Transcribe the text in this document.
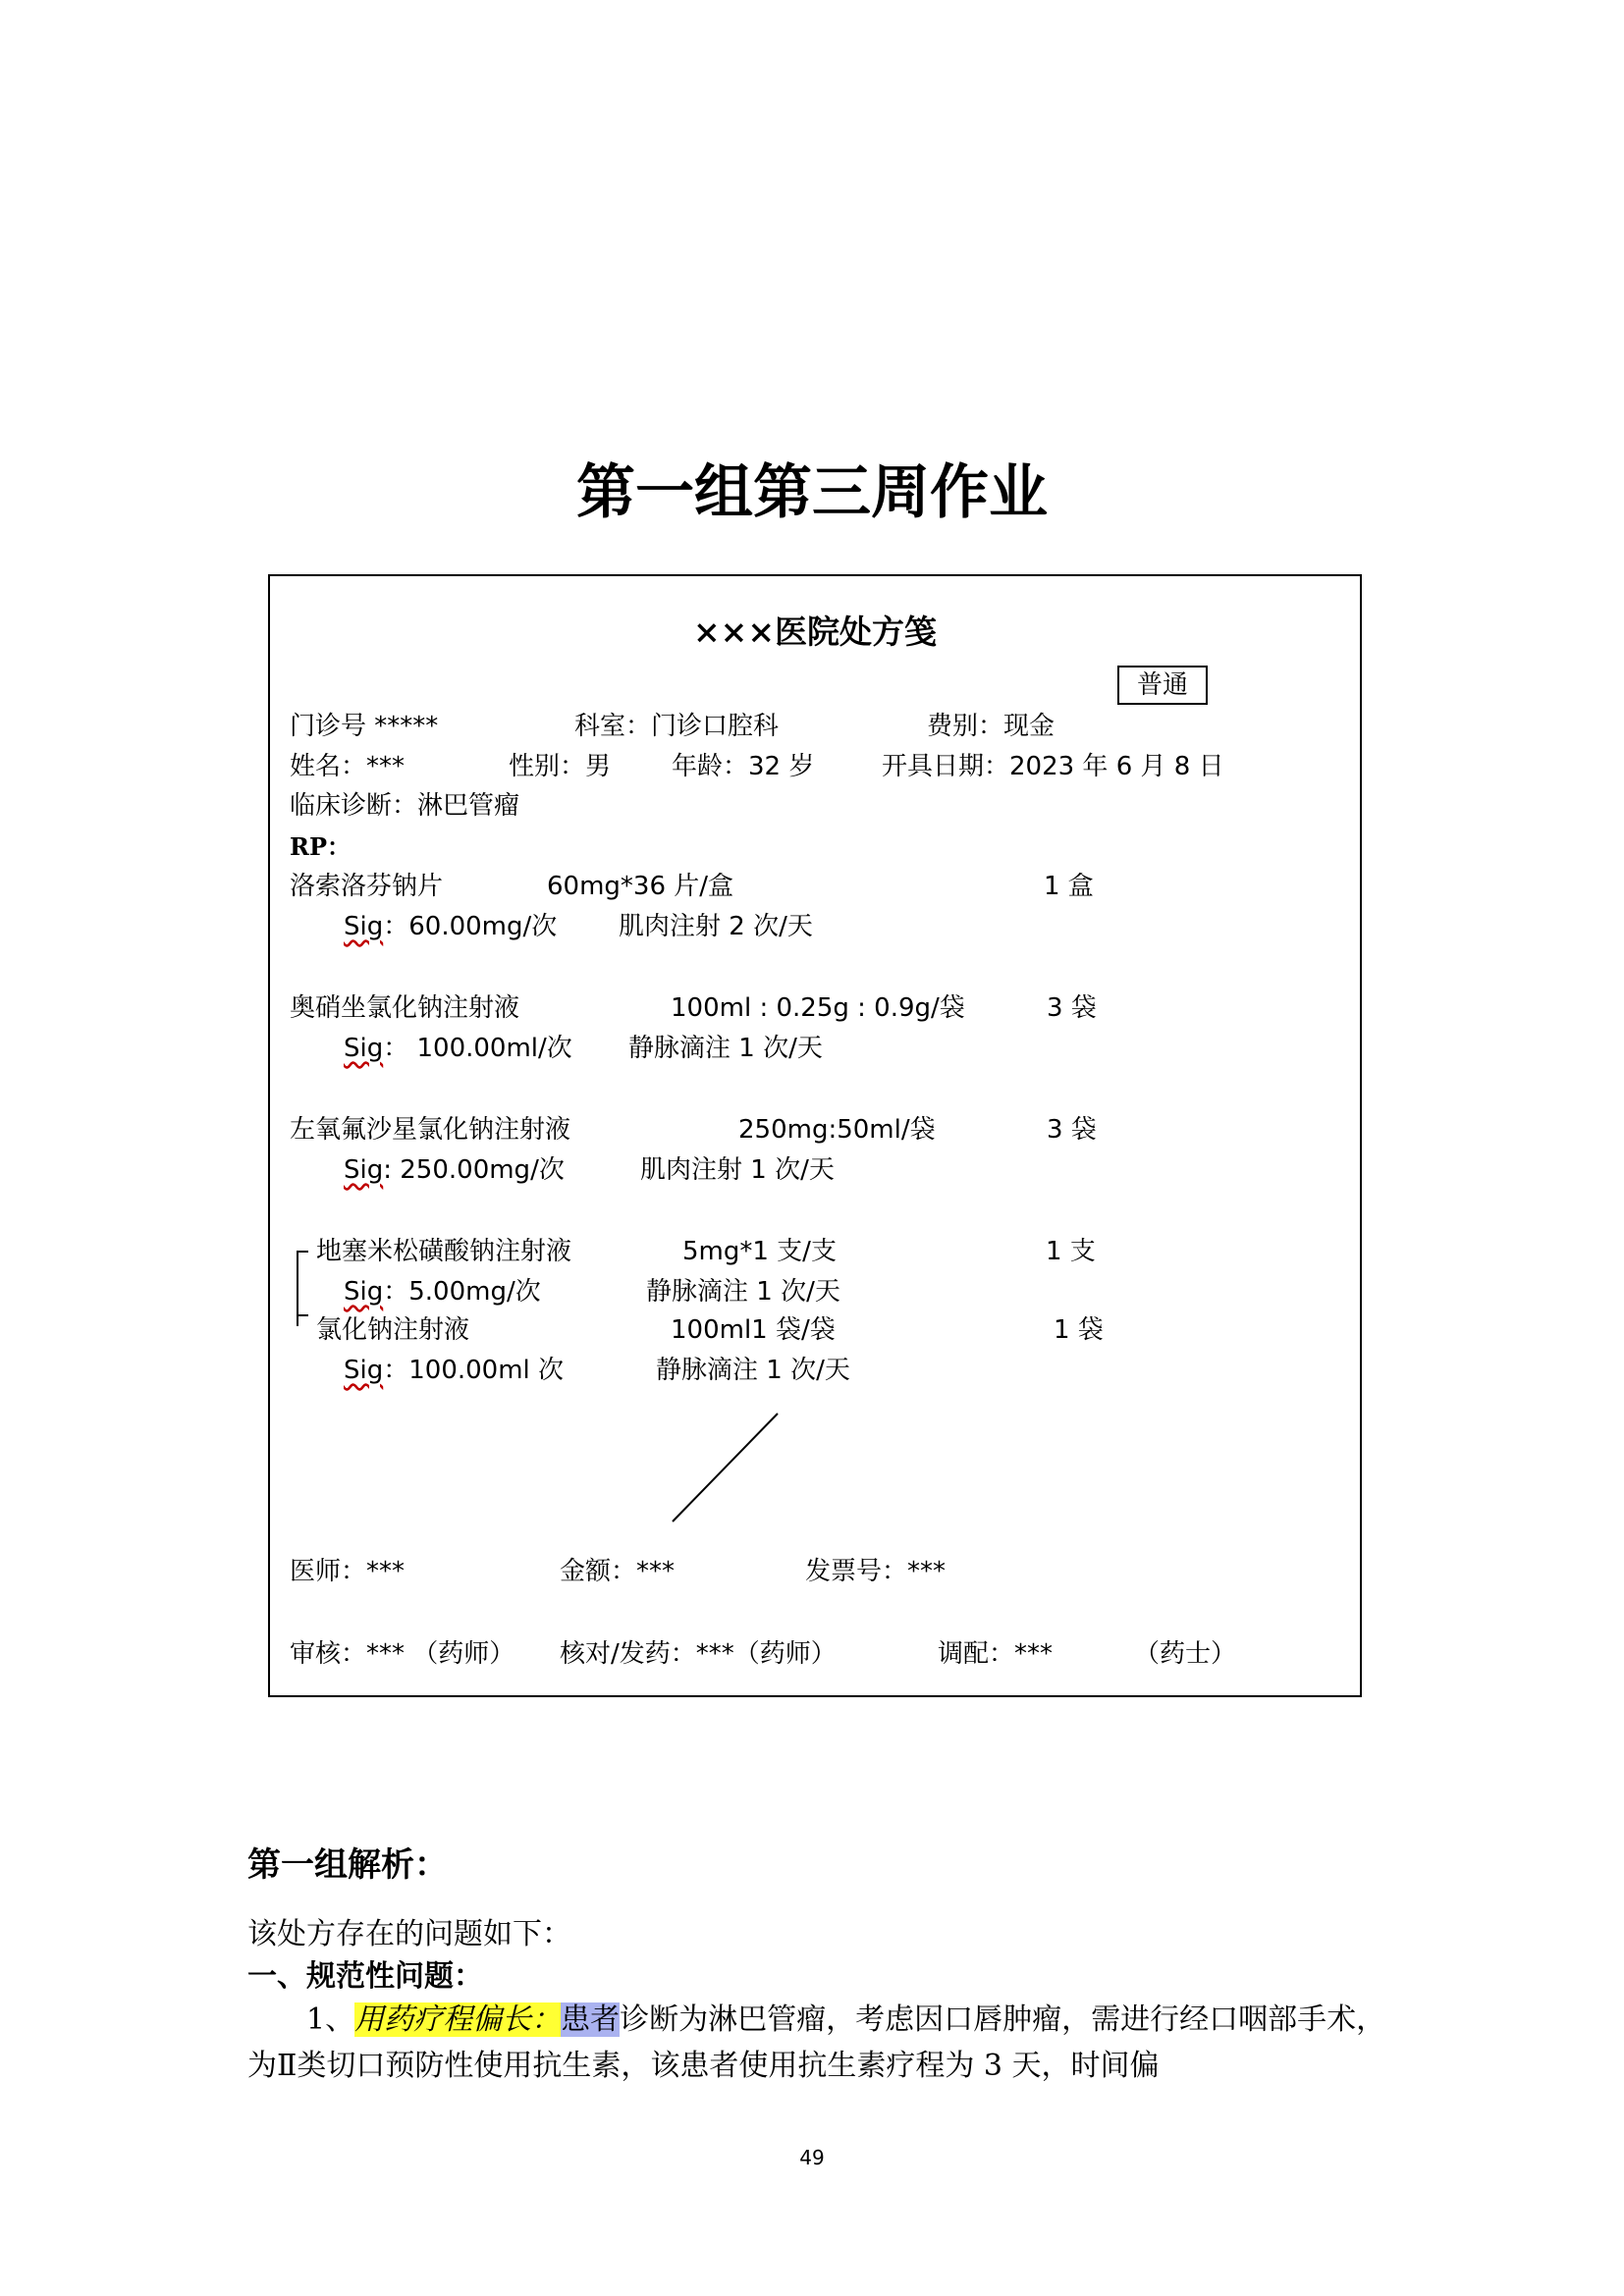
第一组第三周作业
×××医院处方笺
普通
门诊号 *****	科室：门诊口腔科	费别：现金
姓名：***	性别：男 年龄：32 岁	开具日期：2023 年 6 月 8 日
临床诊断：淋巴管瘤
RP：
洛索洛芬钠片	60mg*36 片/盒	1 盒
Sig：60.00mg/次 肌肉注射 2 次/天
奥硝坐氯化钠注射液	100ml : 0.25g : 0.9g/袋	3 袋
Sig： 100.00ml/次 静脉滴注 1 次/天
左氧氟沙星氯化钠注射液	250mg:50ml/袋	3 袋
Sig: 250.00mg/次	肌肉注射 1 次/天
地塞米松磺酸钠注射液	5mg*1 支/支	1 支
Sig：5.00mg/次	静脉滴注 1 次/天
氯化钠注射液	100ml1 袋/袋	1 袋
Sig：100.00ml 次	静脉滴注 1 次/天
医师：***	金额：***	发票号：***
审核：*** （药师） 核对/发药：***（药师）	调配：***	（药士）
第一组解析：
该处方存在的问题如下：
一、规范性问题：
1、用药疗程偏长：患者诊断为淋巴管瘤，考虑因口唇肿瘤，需进行经口咽部手术，为Ⅱ类切口预防性使用抗生素，该患者使用抗生素疗程为 3 天，时间偏
49
